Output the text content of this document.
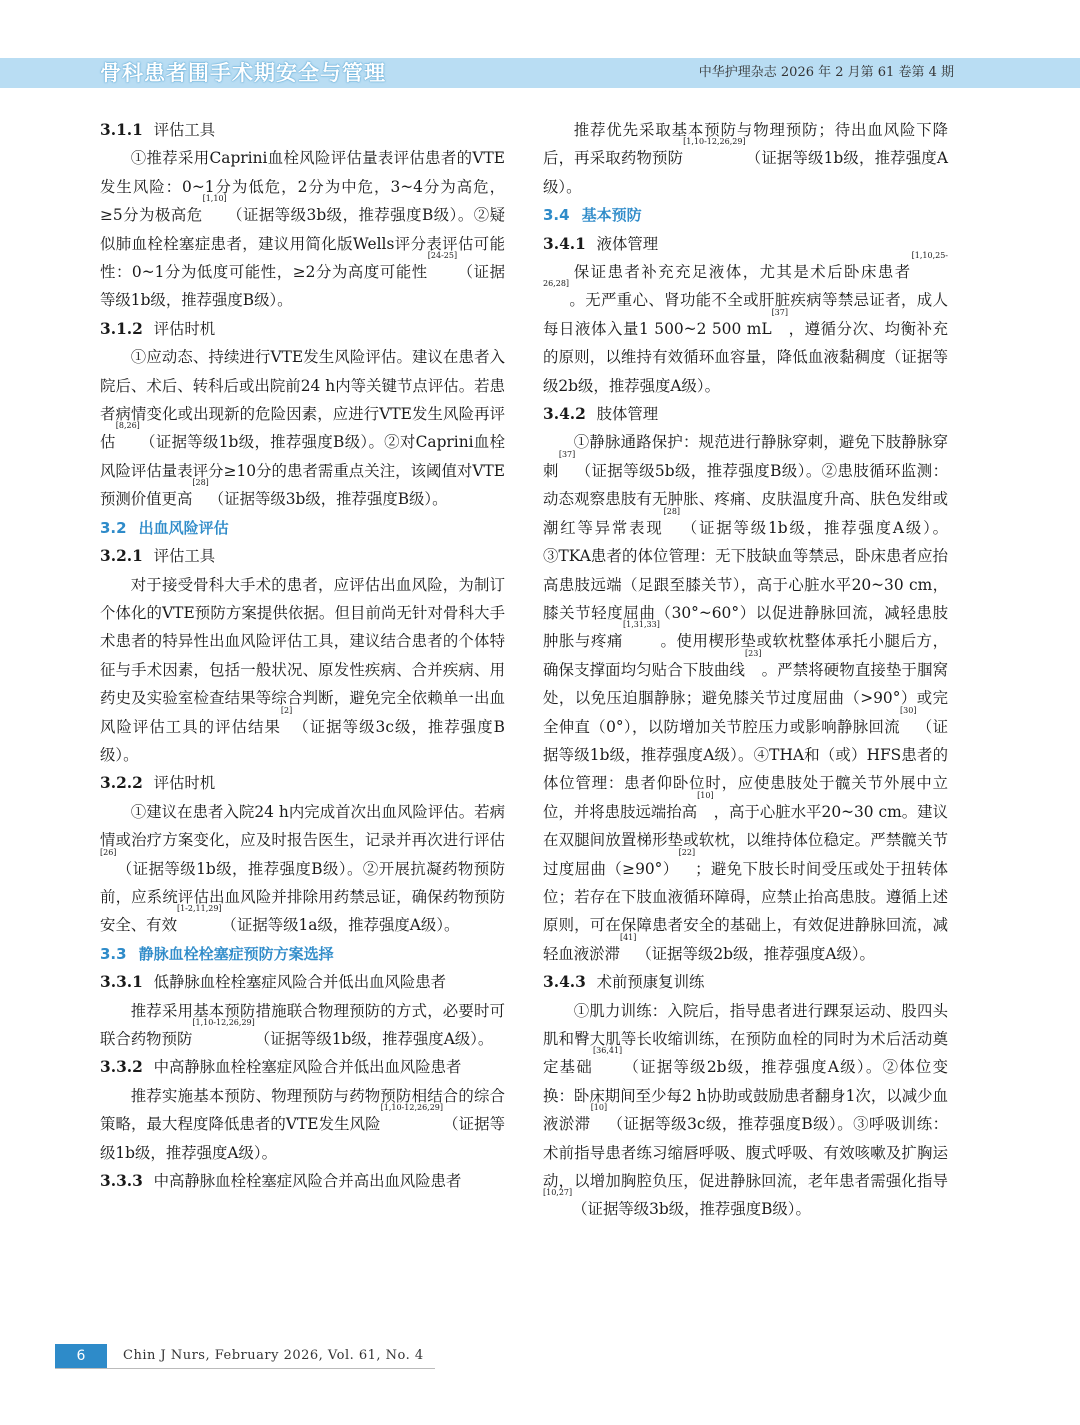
骨科患者围手术期安全与管理	中华护理杂志 2026 年 2 月第 61 卷第 4 期

3.1.1 评估工具

①推荐采用Caprini血栓风险评估量表评估患者的VTE发生风险：0~1分为低危，2分为中危，3~4分为高危，≥5分为极高危[1,10]（证据等级3b级，推荐强度B级）。②疑似肺血栓栓塞症患者，建议用简化版Wells评分表评估可能性：0~1分为低度可能性，≥2分为高度可能性[24-25]（证据等级1b级，推荐强度B级）。

3.1.2 评估时机

①应动态、持续进行VTE发生风险评估。建议在患者入院后、术后、转科后或出院前24 h内等关键节点评估。若患者病情变化或出现新的危险因素，应进行VTE发生风险再评估[8,26]（证据等级1b级，推荐强度B级）。②对Caprini血栓风险评估量表评分≥10分的患者需重点关注，该阈值对VTE预测价值更高[28]（证据等级3b级，推荐强度B级）。

3.2 出血风险评估

3.2.1 评估工具

对于接受骨科大手术的患者，应评估出血风险，为制订个体化的VTE预防方案提供依据。但目前尚无针对骨科大手术患者的特异性出血风险评估工具，建议结合患者的个体特征与手术因素，包括一般状况、原发性疾病、合并疾病、用药史及实验室检查结果等综合判断，避免完全依赖单一出血风险评估工具的评估结果[2]（证据等级3c级，推荐强度B级）。

3.2.2 评估时机

①建议在患者入院24 h内完成首次出血风险评估。若病情或治疗方案变化，应及时报告医生，记录并再次进行评估[26]（证据等级1b级，推荐强度B级）。②开展抗凝药物预防前，应系统评估出血风险并排除用药禁忌证，确保药物预防安全、有效[1-2,11,29]（证据等级1a级，推荐强度A级）。

3.3 静脉血栓栓塞症预防方案选择

3.3.1 低静脉血栓栓塞症风险合并低出血风险患者

推荐采用基本预防措施联合物理预防的方式，必要时可联合药物预防[1,10-12,26,29]（证据等级1b级，推荐强度A级）。

3.3.2 中高静脉血栓栓塞症风险合并低出血风险患者

推荐实施基本预防、物理预防与药物预防相结合的综合策略，最大程度降低患者的VTE发生风险[1,10-12,26,29]（证据等级1b级，推荐强度A级）。

3.3.3 中高静脉血栓栓塞症风险合并高出血风险患者

推荐优先采取基本预防与物理预防；待出血风险下降后，再采取药物预防[1,10-12,26,29]（证据等级1b级，推荐强度A级）。

3.4 基本预防

3.4.1 液体管理

保证患者补充充足液体，尤其是术后卧床患者[1,10,25-26,28]。无严重心、肾功能不全或肝脏疾病等禁忌证者，成人每日液体入量1 500~2 500 mL[37]，遵循分次、均衡补充的原则，以维持有效循环血容量，降低血液黏稠度（证据等级2b级，推荐强度A级）。

3.4.2 肢体管理

①静脉通路保护：规范进行静脉穿刺，避免下肢静脉穿刺[37]（证据等级5b级，推荐强度B级）。②患肢循环监测：动态观察患肢有无肿胀、疼痛、皮肤温度升高、肤色发绀或潮红等异常表现[28]（证据等级1b级，推荐强度A级）。③TKA患者的体位管理：无下肢缺血等禁忌，卧床患者应抬高患肢远端（足跟至膝关节），高于心脏水平20~30 cm，膝关节轻度屈曲（30°~60°）以促进静脉回流，减轻患肢肿胀与疼痛[1,31,33]。使用楔形垫或软枕整体承托小腿后方，确保支撑面均匀贴合下肢曲线[23]。严禁将硬物直接垫于腘窝处，以免压迫腘静脉；避免膝关节过度屈曲（>90°）或完全伸直（0°），以防增加关节腔压力或影响静脉回流[30]（证据等级1b级，推荐强度A级）。④THA和（或）HFS患者的体位管理：患者仰卧位时，应使患肢处于髋关节外展中立位，并将患肢远端抬高[10]，高于心脏水平20~30 cm。建议在双腿间放置梯形垫或软枕，以维持体位稳定。严禁髋关节过度屈曲（≥90°）[22]；避免下肢长时间受压或处于扭转体位；若存在下肢血液循环障碍，应禁止抬高患肢。遵循上述原则，可在保障患者安全的基础上，有效促进静脉回流，减轻血液淤滞[41]（证据等级2b级，推荐强度A级）。

3.4.3 术前预康复训练

①肌力训练：入院后，指导患者进行踝泵运动、股四头肌和臀大肌等长收缩训练，在预防血栓的同时为术后活动奠定基础[36,41]（证据等级2b级，推荐强度A级）。②体位变换：卧床期间至少每2 h协助或鼓励患者翻身1次，以减少血液淤滞[10]（证据等级3c级，推荐强度B级）。③呼吸训练：术前指导患者练习缩唇呼吸、腹式呼吸、有效咳嗽及扩胸运动，以增加胸腔负压，促进静脉回流，老年患者需强化指导[10,27]（证据等级3b级，推荐强度B级）。

6	Chin J Nurs, February 2026, Vol. 61, No. 4
